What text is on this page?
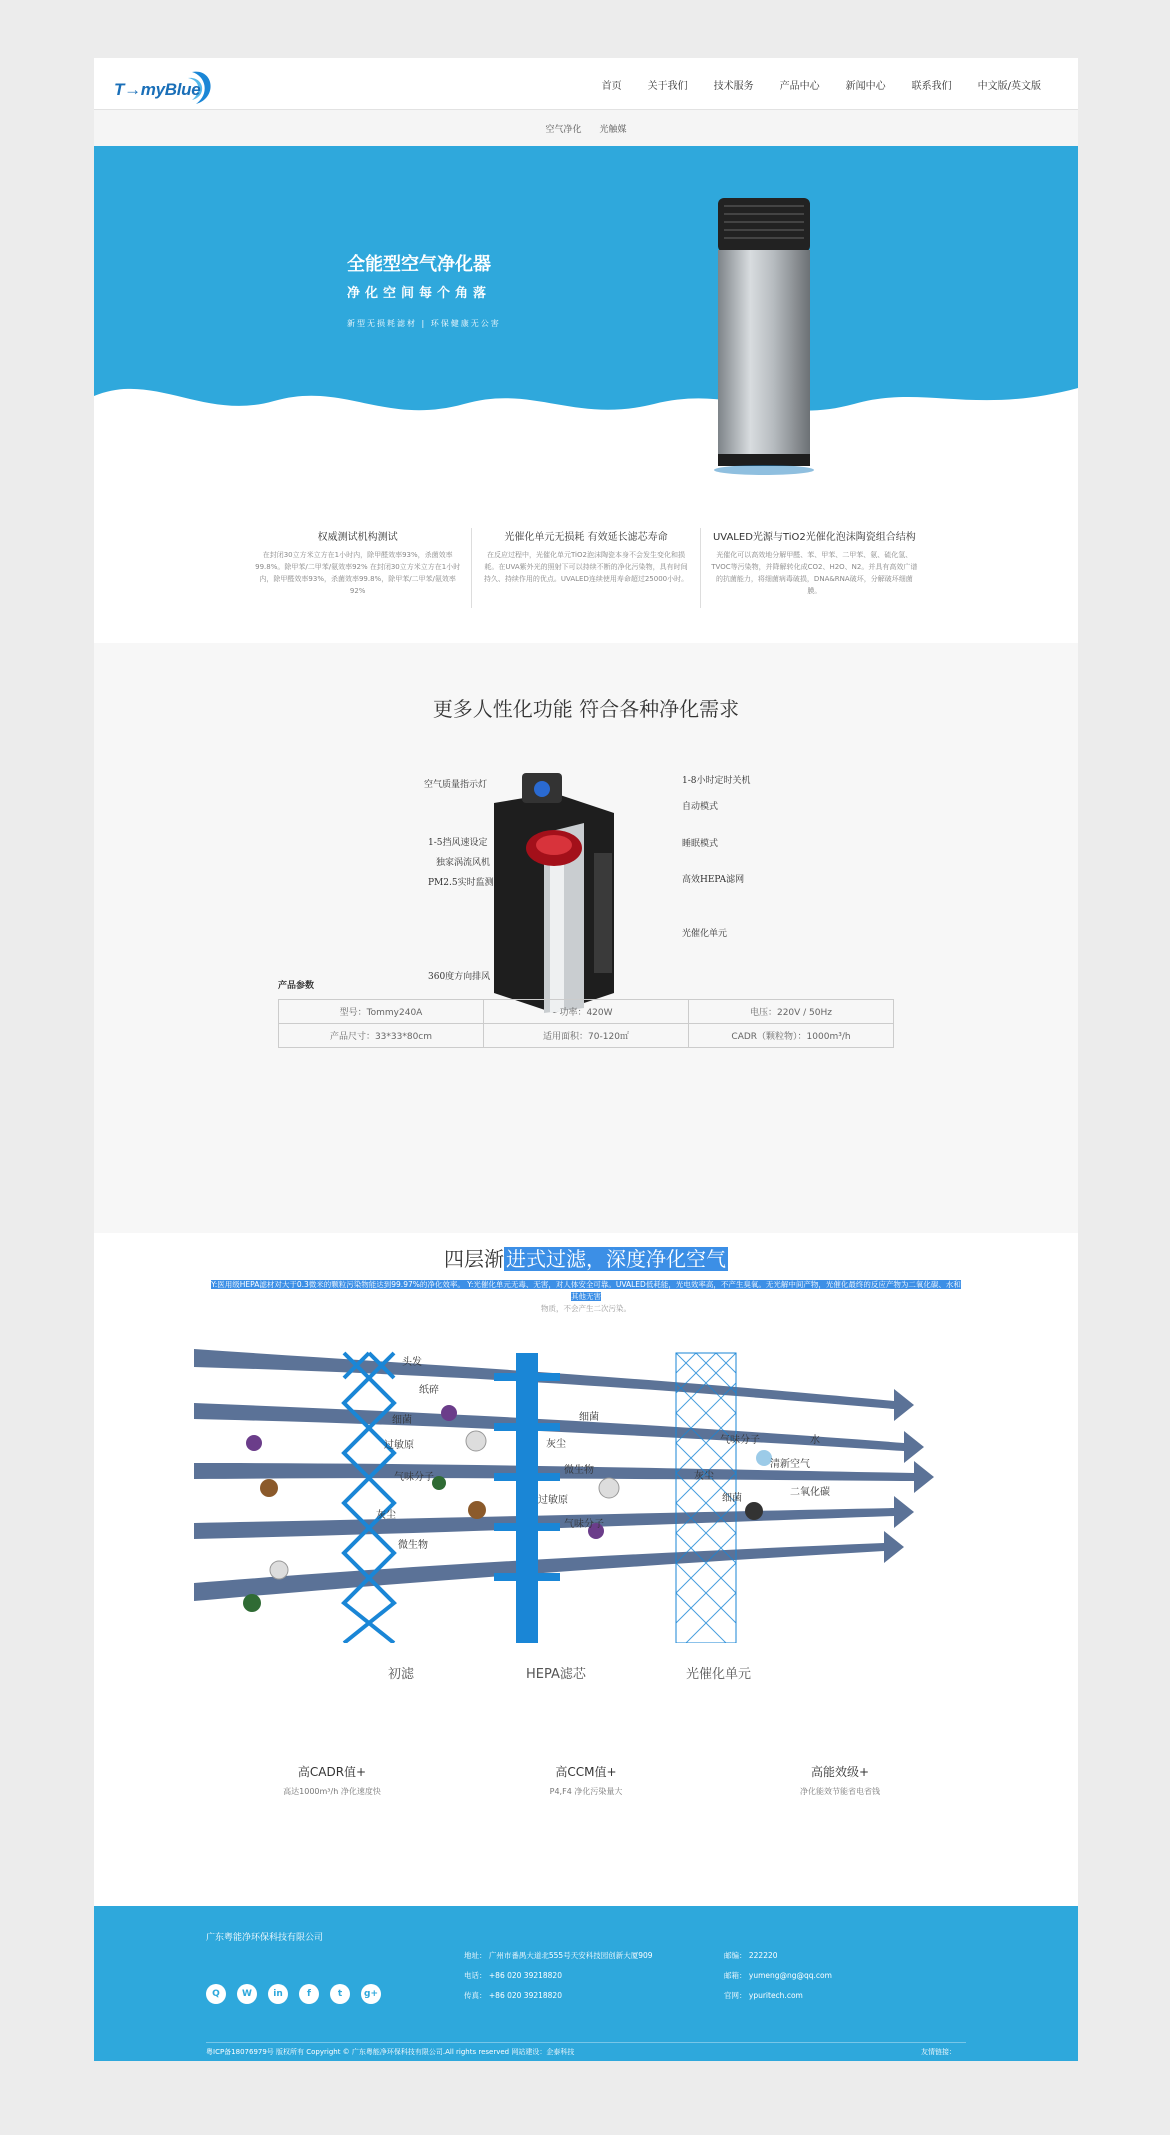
T→myBlue	首页	关于我们	技术服务	产品中心	新闻中心	联系我们	中文版/英文版
空气净化 光触媒
全能型空气净化器
净化空间每个角落
新型无损耗滤材 | 环保健康无公害
权威测试机构测试

在封闭30立方米立方在1小时内，除甲醛效率93%，杀菌效率99.8%。除甲苯/二甲苯/氨效率92% 在封闭30立方米立方在1小时内，除甲醛效率93%，杀菌效率99.8%，除甲苯/二甲苯/氨效率92%

光催化单元无损耗 有效延长滤芯寿命

在反应过程中，光催化单元TiO2泡沫陶瓷本身不会发生变化和损耗。在UVA紫外光的照射下可以持续不断的净化污染物，具有时间持久、持续作用的优点。UVALED连续使用寿命超过25000小时。

UVALED光源与TiO2光催化泡沫陶瓷组合结构

光催化可以高效地分解甲醛、苯、甲苯、二甲苯、氨、硫化氢、TVOC等污染物，并降解转化成CO2、H2O、N2。并具有高效广谱的抗菌能力，将细菌病毒破损，DNA&RNA破坏，分解破坏细菌膜。

更多人性化功能 符合各种净化需求
空气质量指示灯
1-5挡风速设定
独家涡流风机
PM2.5实时监测
360度方向排风
1-8小时定时关机
自动模式
睡眠模式
高效HEPA滤网
光催化单元
产品参数
型号：Tommy240A	功率：420W	电压：220V / 50Hz
产品尺寸：33*33*80cm	适用面积：70-120㎡	CADR（颗粒物）：1000m³/h
四层渐 进式过滤，深度净化空气
Y:医用级HEPA滤材对大于0.3微米的颗粒污染物能达到99.97%的净化效率。 Y:光催化单元无毒、无害，对人体安全可靠。UVALED低耗能，光电效率高，不产生臭氧。无光解中间产物，光催化最终的反应产物为二氧化碳、水和其他无害
物质，不会产生二次污染。
头发
纸碎
细菌
过敏原
气味分子
灰尘
微生物
细菌
灰尘
微生物
过敏原
气味分子
气味分子
灰尘
细菌
水
清新空气
二氧化碳
初滤	HEPA滤芯	光催化单元
高CADR值+

高达1000m³/h 净化速度快

高CCM值+

P4,F4 净化污染量大

高能效级+

净化能效节能省电省钱

广东粤能净环保科技有限公司
Q	W	in	f	t	g+
地址： 广州市番禺大道北555号天安科技园创新大厦909
电话： +86 020 39218820
传真： +86 020 39218820
邮编： 222220
邮箱： yumeng@ng@qq.com
官网： ypuritech.com
粤ICP备18076979号 版权所有 Copyright © 广东粤能净环保科技有限公司.All rights reserved 网站建设：企泰科技	友情链接：
